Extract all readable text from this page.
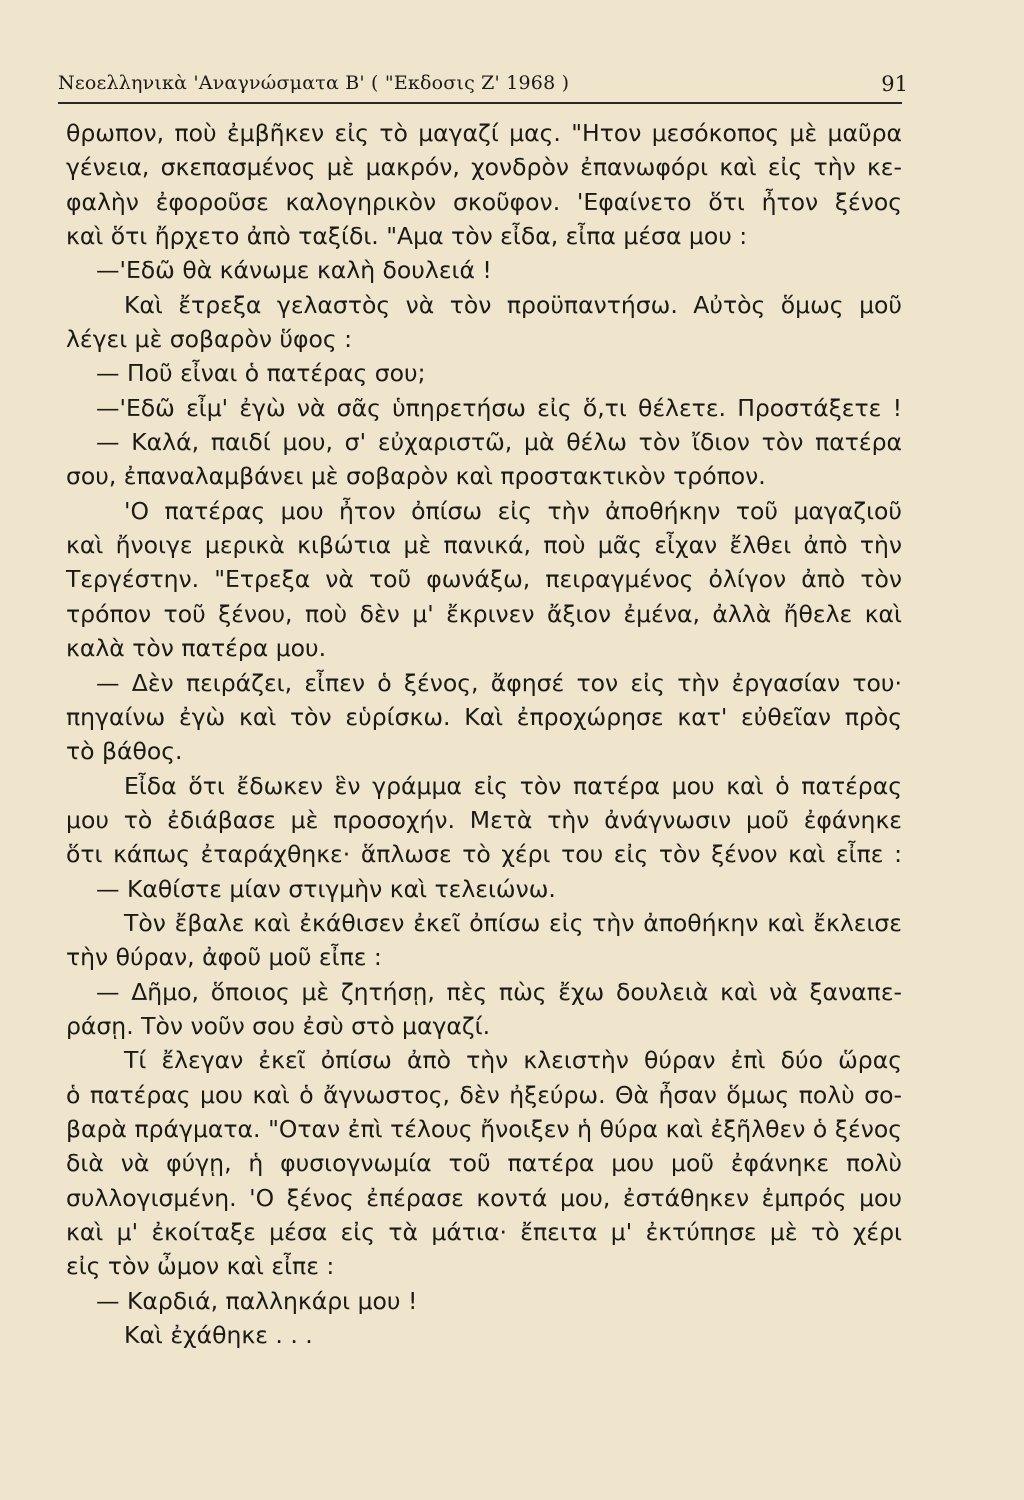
Νεοελληνικὰ 'Αναγνώσματα Β' ( "Εκδοσις Ζ' 1968 )	91
θρωπον, ποὺ ἐμβῆκεν εἰς τὸ μαγαζί μας. "Ητον μεσόκοπος μὲ μαῦρα
γένεια, σκεπασμένος μὲ μακρόν, χονδρὸν ἐπανωφόρι καὶ εἰς τὴν κε-
φαλὴν ἐφοροῦσε καλογηρικὸν σκοῦφον. 'Εφαίνετο ὅτι ἦτον ξένος
καὶ ὅτι ἤρχετο ἀπὸ ταξίδι. "Αμα τὸν εἶδα, εἶπα μέσα μου :
—'Εδῶ θὰ κάνωμε καλὴ δουλειά !
Καὶ ἔτρεξα γελαστὸς νὰ τὸν προϋπαντήσω. Αὐτὸς ὅμως μοῦ
λέγει μὲ σοβαρὸν ὕφος :
— Ποῦ εἶναι ὁ πατέρας σου;
—'Εδῶ εἶμ' ἐγὼ νὰ σᾶς ὑπηρετήσω εἰς ὅ,τι θέλετε. Προστάξετε !
— Καλά, παιδί μου, σ' εὐχαριστῶ, μὰ θέλω τὸν ἴδιον τὸν πατέρα
σου, ἐπαναλαμβάνει μὲ σοβαρὸν καὶ προστακτικὸν τρόπον.
'Ο πατέρας μου ἦτον ὀπίσω εἰς τὴν ἀποθήκην τοῦ μαγαζιοῦ
καὶ ἤνοιγε μερικὰ κιβώτια μὲ πανικά, ποὺ μᾶς εἶχαν ἔλθει ἀπὸ τὴν
Τεργέστην. "Ετρεξα νὰ τοῦ φωνάξω, πειραγμένος ὀλίγον ἀπὸ τὸν
τρόπον τοῦ ξένου, ποὺ δὲν μ' ἔκρινεν ἄξιον ἐμένα, ἀλλὰ ἤθελε καὶ
καλὰ τὸν πατέρα μου.
— Δὲν πειράζει, εἶπεν ὁ ξένος, ἄφησέ τον εἰς τὴν ἐργασίαν του·
πηγαίνω ἐγὼ καὶ τὸν εὑρίσκω. Καὶ ἐπροχώρησε κατ' εὐθεῖαν πρὸς
τὸ βάθος.
Εἶδα ὅτι ἔδωκεν ἓν γράμμα εἰς τὸν πατέρα μου καὶ ὁ πατέρας
μου τὸ ἐδιάβασε μὲ προσοχήν. Μετὰ τὴν ἀνάγνωσιν μοῦ ἐφάνηκε
ὅτι κάπως ἐταράχθηκε· ἅπλωσε τὸ χέρι του εἰς τὸν ξένον καὶ εἶπε :
— Καθίστε μίαν στιγμὴν καὶ τελειώνω.
Τὸν ἔβαλε καὶ ἐκάθισεν ἐκεῖ ὀπίσω εἰς τὴν ἀποθήκην καὶ ἔκλεισε
τὴν θύραν, ἀφοῦ μοῦ εἶπε :
— Δῆμο, ὅποιος μὲ ζητήσῃ, πὲς πὼς ἔχω δουλειὰ καὶ νὰ ξαναπε-
ράσῃ. Τὸν νοῦν σου ἐσὺ στὸ μαγαζί.
Τί ἔλεγαν ἐκεῖ ὀπίσω ἀπὸ τὴν κλειστὴν θύραν ἐπὶ δύο ὥρας
ὁ πατέρας μου καὶ ὁ ἄγνωστος, δὲν ἠξεύρω. Θὰ ἦσαν ὅμως πολὺ σο-
βαρὰ πράγματα. "Οταν ἐπὶ τέλους ἤνοιξεν ἡ θύρα καὶ ἐξῆλθεν ὁ ξένος
διὰ νὰ φύγῃ, ἡ φυσιογνωμία τοῦ πατέρα μου μοῦ ἐφάνηκε πολὺ
συλλογισμένη. 'Ο ξένος ἐπέρασε κοντά μου, ἐστάθηκεν ἐμπρός μου
καὶ μ' ἐκοίταξε μέσα εἰς τὰ μάτια· ἔπειτα μ' ἐκτύπησε μὲ τὸ χέρι
εἰς τὸν ὦμον καὶ εἶπε :
— Καρδιά, παλληκάρι μου !
Καὶ ἐχάθηκε . . .
